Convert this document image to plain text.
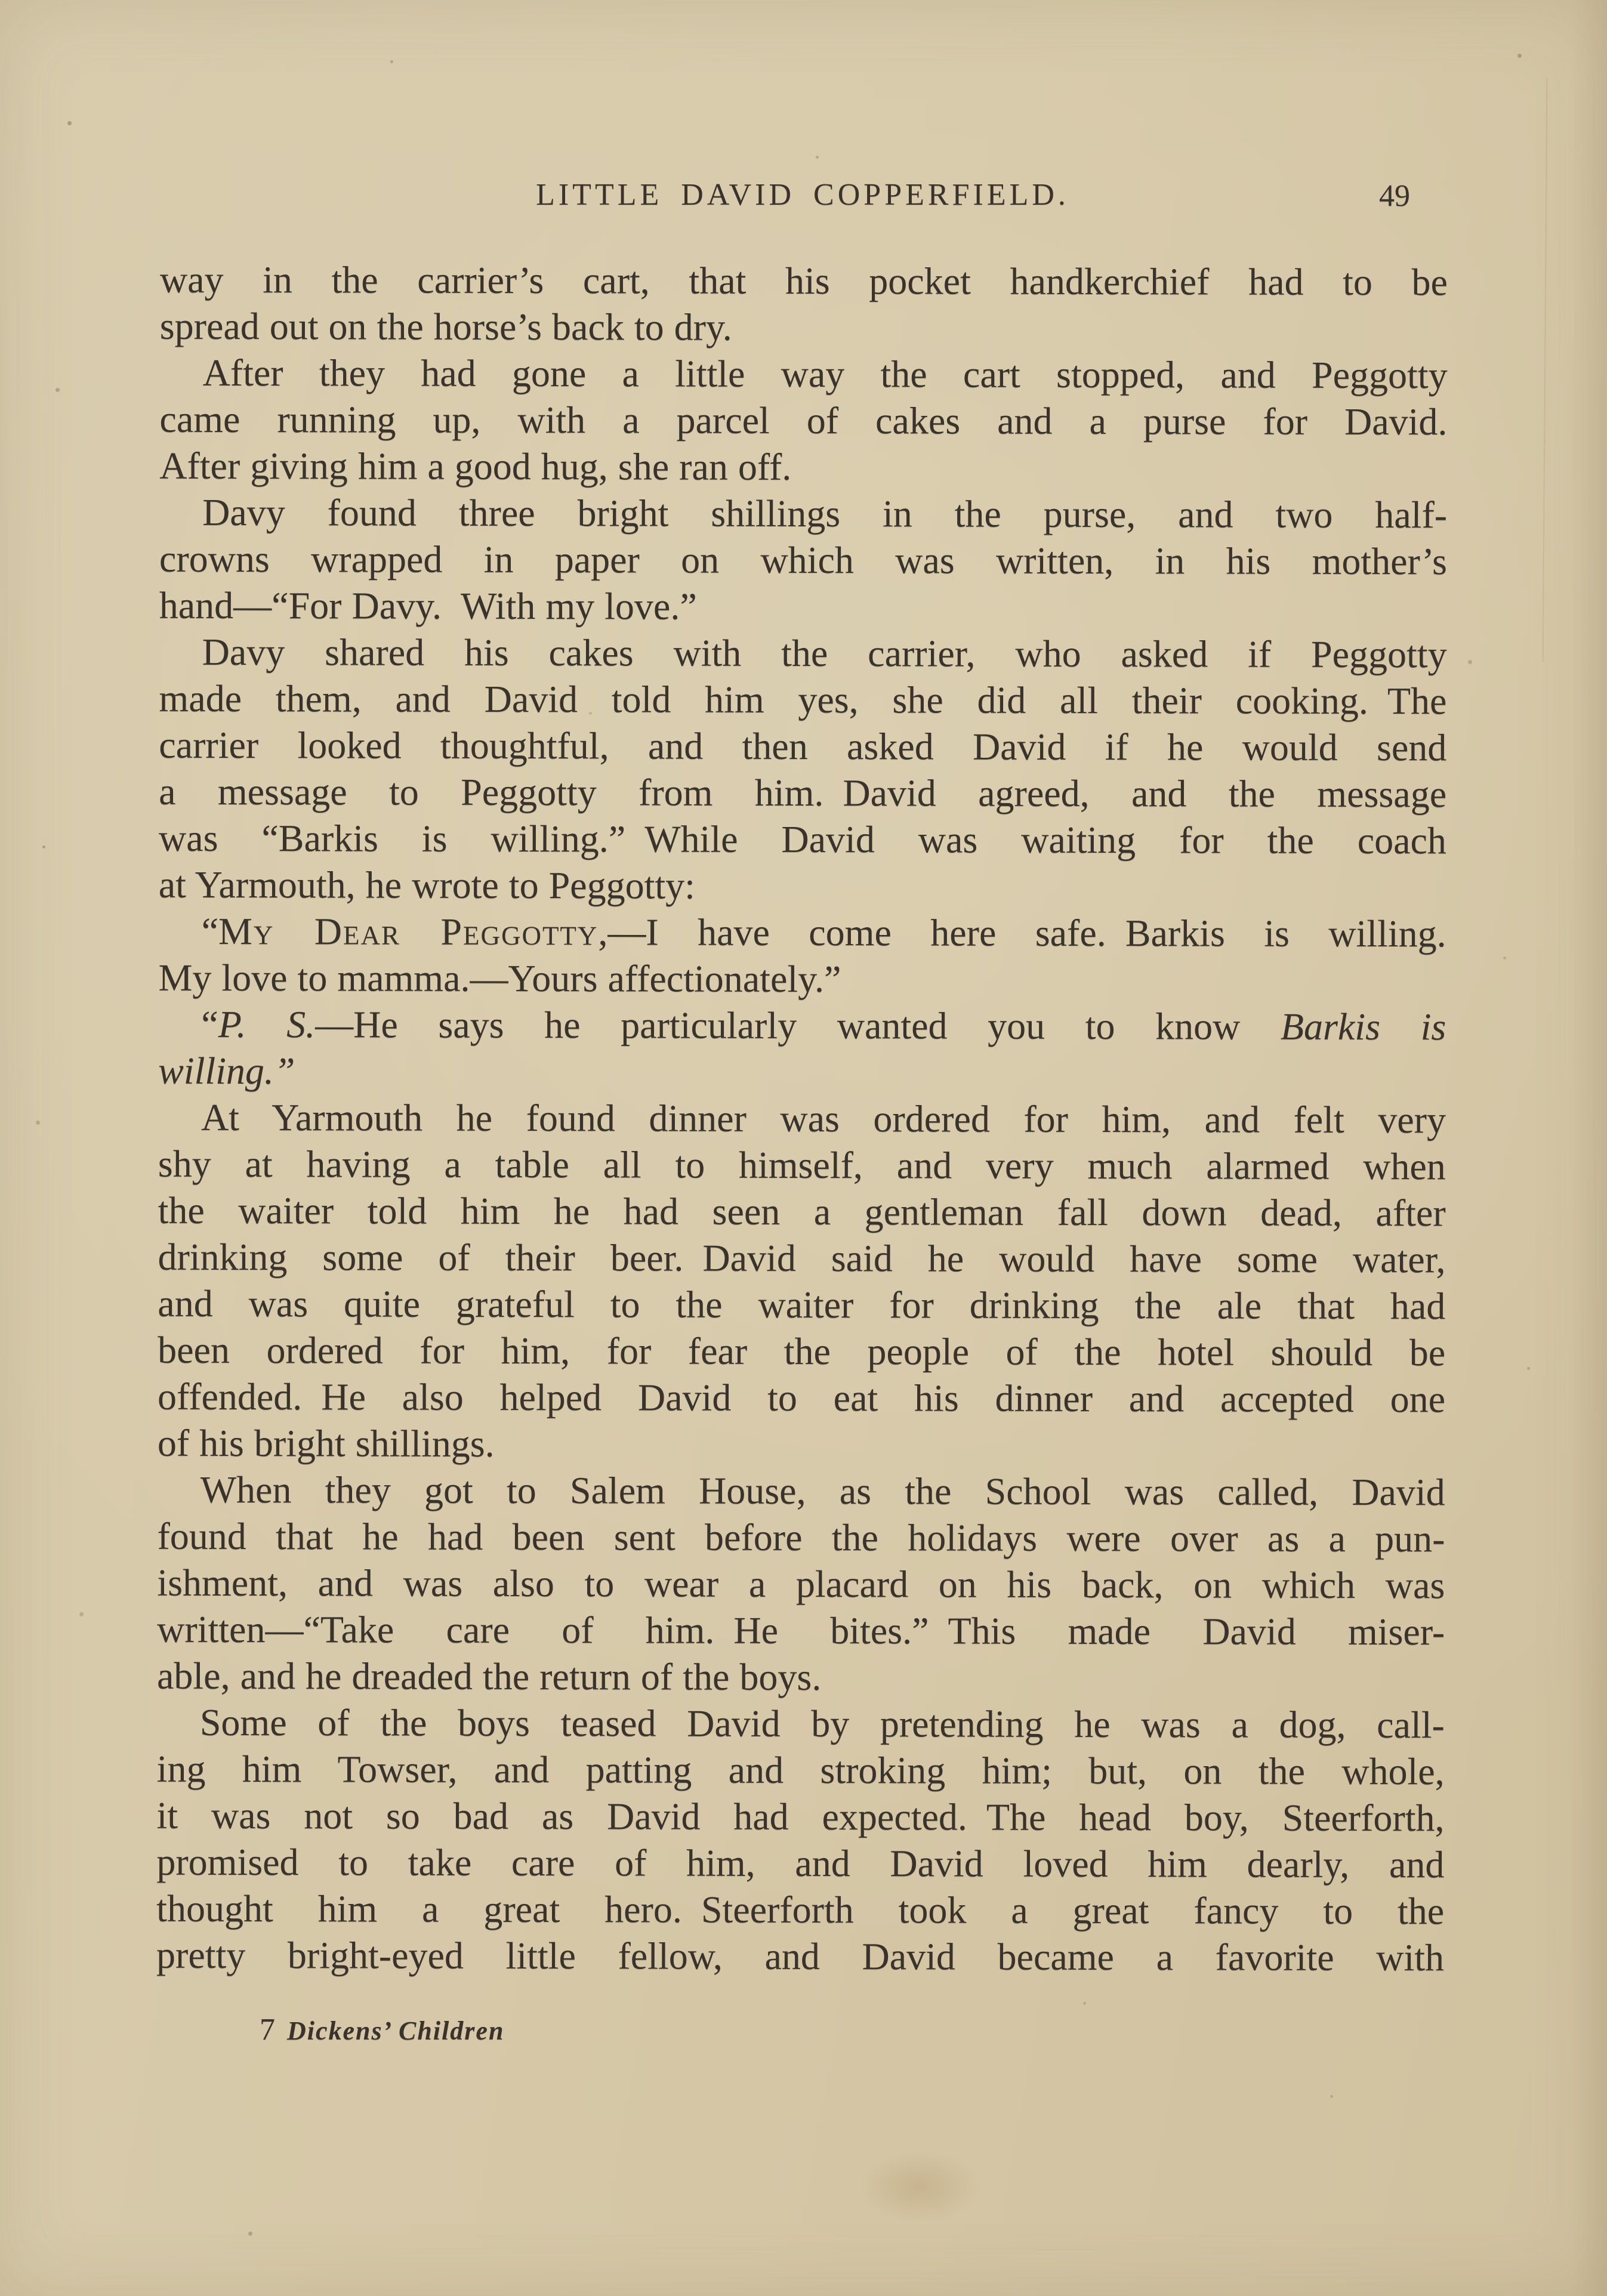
LITTLE DAVID COPPERFIELD.	49
way in the carrier’s cart, that his pocket handkerchief had to be
spread out on the horse’s back to dry.
After they had gone a little way the cart stopped, and Peggotty
came running up, with a parcel of cakes and a purse for David.
After giving him a good hug, she ran off.
Davy found three bright shillings in the purse, and two half-
crowns wrapped in paper on which was written, in his mother’s
hand—“For Davy. With my love.”
Davy shared his cakes with the carrier, who asked if Peggotty
made them, and David told him yes, she did all their cooking. The
carrier looked thoughtful, and then asked David if he would send
a message to Peggotty from him. David agreed, and the message
was “Barkis is willing.” While David was waiting for the coach
at Yarmouth, he wrote to Peggotty:
“My Dear Peggotty,—I have come here safe. Barkis is willing.
My love to mamma.—Yours affectionately.”
“P. S.—He says he particularly wanted you to know Barkis is
willing.”
At Yarmouth he found dinner was ordered for him, and felt very
shy at having a table all to himself, and very much alarmed when
the waiter told him he had seen a gentleman fall down dead, after
drinking some of their beer. David said he would have some water,
and was quite grateful to the waiter for drinking the ale that had
been ordered for him, for fear the people of the hotel should be
offended. He also helped David to eat his dinner and accepted one
of his bright shillings.
When they got to Salem House, as the School was called, David
found that he had been sent before the holidays were over as a pun-
ishment, and was also to wear a placard on his back, on which was
written—“Take care of him. He bites.” This made David miser-
able, and he dreaded the return of the boys.
Some of the boys teased David by pretending he was a dog, call-
ing him Towser, and patting and stroking him; but, on the whole,
it was not so bad as David had expected. The head boy, Steerforth,
promised to take care of him, and David loved him dearly, and
thought him a great hero. Steerforth took a great fancy to the
pretty bright-eyed little fellow, and David became a favorite with
7 Dickens’ Children
